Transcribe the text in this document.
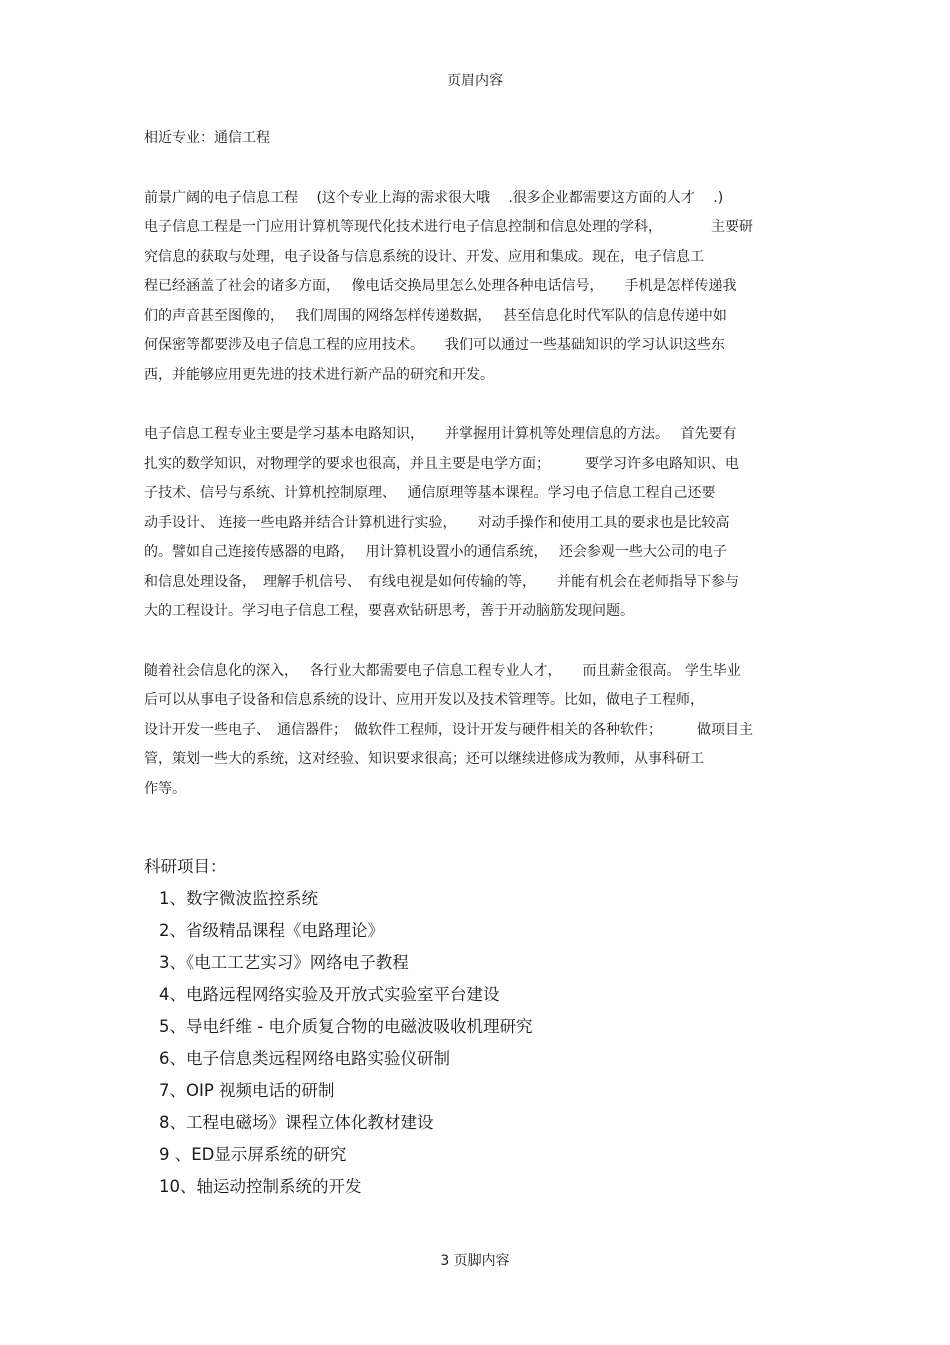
页眉内容
相近专业：通信工程
前景广阔的电子信息工程　 (这个专业上海的需求很大哦　 .很多企业都需要这方面的人才　 .)
电子信息工程是一门应用计算机等现代化技术进行电子信息控制和信息处理的学科，　　　　主要研
究信息的获取与处理，电子设备与信息系统的设计、开发、应用和集成。现在，电子信息工
程已经涵盖了社会的诸多方面，　 像电话交换局里怎么处理各种电话信号，　　手机是怎样传递我
们的声音甚至图像的，　 我们周围的网络怎样传递数据，　 甚至信息化时代军队的信息传递中如
何保密等都要涉及电子信息工程的应用技术。　　我们可以通过一些基础知识的学习认识这些东
西，并能够应用更先进的技术进行新产品的研究和开发。
电子信息工程专业主要是学习基本电路知识，　　并掌握用计算机等处理信息的方法。　 首先要有
扎实的数学知识，对物理学的要求也很高，并且主要是电学方面；　　　要学习许多电路知识、电
子技术、信号与系统、计算机控制原理、　 通信原理等基本课程。学习电子信息工程自己还要
动手设计、 连接一些电路并结合计算机进行实验，　　对动手操作和使用工具的要求也是比较高
的。譬如自己连接传感器的电路，　 用计算机设置小的通信系统，　 还会参观一些大公司的电子
和信息处理设备，　理解手机信号、　有线电视是如何传输的等，　　并能有机会在老师指导下参与
大的工程设计。学习电子信息工程，要喜欢钻研思考，善于开动脑筋发现问题。
随着社会信息化的深入，　 各行业大都需要电子信息工程专业人才，　　而且薪金很高。 学生毕业
后可以从事电子设备和信息系统的设计、应用开发以及技术管理等。比如，做电子工程师，
设计开发一些电子、　通信器件；　做软件工程师，设计开发与硬件相关的各种软件；　　　做项目主
管，策划一些大的系统，这对经验、知识要求很高；还可以继续进修成为教师，从事科研工
作等。
科研项目：
1、数字微波监控系统
2、省级精品课程《电路理论》
3、《电工工艺实习》网络电子教程
4、电路远程网络实验及开放式实验室平台建设
5、导电纤维 - 电介质复合物的电磁波吸收机理研究
6、电子信息类远程网络电路实验仪研制
7、OIP 视频电话的研制
8、工程电磁场》课程立体化教材建设
9 、ED显示屏系统的研究
10、轴运动控制系统的开发
3 页脚内容
